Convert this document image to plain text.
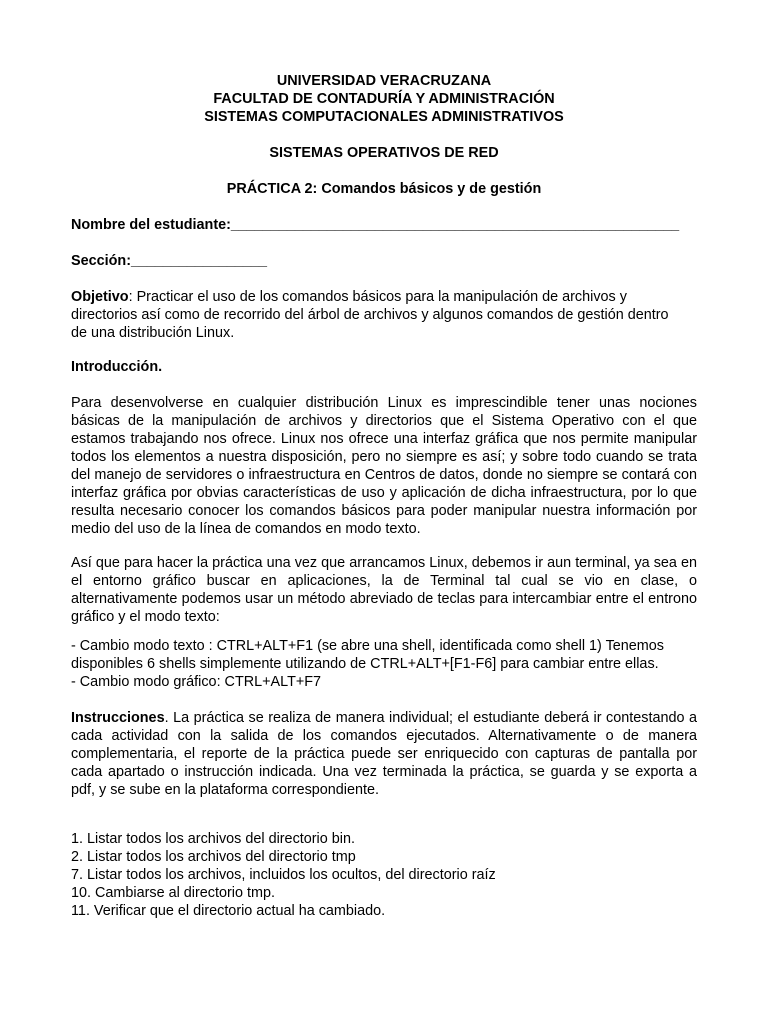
UNIVERSIDAD VERACRUZANA
FACULTAD DE CONTADURÍA Y ADMINISTRACIÓN
SISTEMAS COMPUTACIONALES ADMINISTRATIVOS
SISTEMAS OPERATIVOS DE RED
PRÁCTICA 2: Comandos básicos y de gestión
Nombre del estudiante:________________________________________________________
Sección:_________________

Objetivo: Practicar el uso de los comandos básicos para la manipulación de archivos y directorios así como de recorrido del árbol de archivos y algunos comandos de gestión dentro de una distribución Linux.

Introducción.

Para desenvolverse en cualquier distribución Linux es imprescindible tener unas nociones básicas de la manipulación de archivos y directorios que el Sistema Operativo con el que estamos trabajando nos ofrece. Linux nos ofrece una interfaz gráfica que nos permite manipular todos los elementos a nuestra disposición, pero no siempre es así; y sobre todo cuando se trata del manejo de servidores o infraestructura en Centros de datos, donde no siempre se contará con interfaz gráfica por obvias características de uso y aplicación de dicha infraestructura, por lo que resulta necesario conocer los comandos básicos para poder manipular nuestra información por medio del uso de la línea de comandos en modo texto.

Así que para hacer la práctica una vez que arrancamos Linux, debemos ir aun terminal, ya sea en el entorno gráfico buscar en aplicaciones, la de Terminal tal cual se vio en clase, o alternativamente podemos usar un método abreviado de teclas para intercambiar entre el entrono gráfico y el modo texto:

- Cambio modo texto : CTRL+ALT+F1 (se abre una shell, identificada como shell 1) Tenemos disponibles 6 shells simplemente utilizando de CTRL+ALT+[F1-F6] para cambiar entre ellas.
- Cambio modo gráfico: CTRL+ALT+F7

Instrucciones. La práctica se realiza de manera individual; el estudiante deberá ir contestando a cada actividad con la salida de los comandos ejecutados. Alternativamente o de manera complementaria, el reporte de la práctica puede ser enriquecido con capturas de pantalla por cada apartado o instrucción indicada. Una vez terminada la práctica, se guarda y se exporta a pdf, y se sube en la plataforma correspondiente.

1. Listar todos los archivos del directorio bin.
2. Listar todos los archivos del directorio tmp
7. Listar todos los archivos, incluidos los ocultos, del directorio raíz
10. Cambiarse al directorio tmp.
11. Verificar que el directorio actual ha cambiado.
